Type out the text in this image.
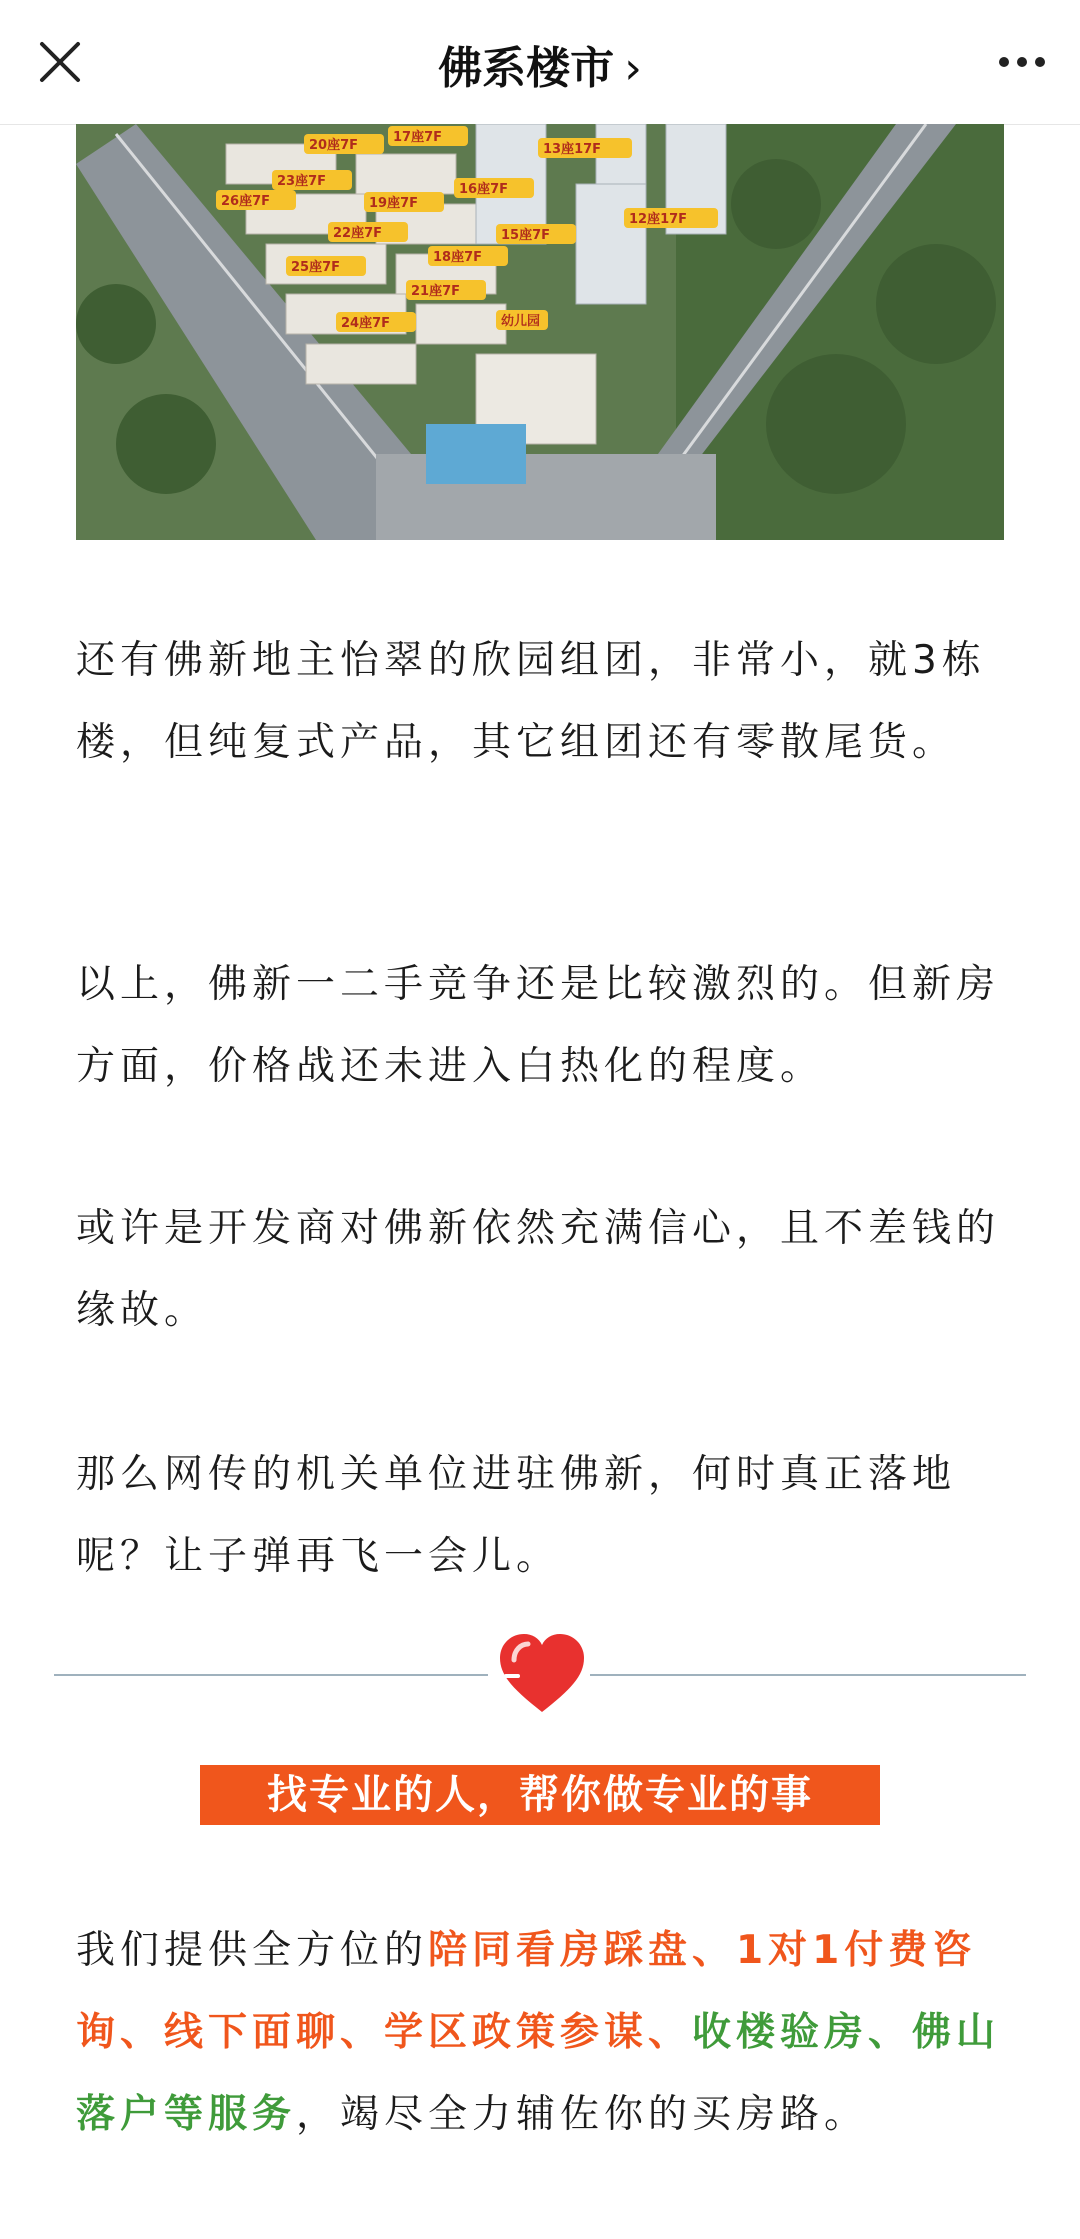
佛系楼市 ›
20座7F
17座7F
13座17F
23座7F
16座7F
26座7F	19座7F
22座7F	15座7F
12座17F
18座7F
25座7F
21座7F
24座7F	幼儿园

还有佛新地主怡翠的欣园组团，非常小，就3栋楼，但纯复式产品，其它组团还有零散尾货。

以上，佛新一二手竞争还是比较激烈的。但新房方面，价格战还未进入白热化的程度。

或许是开发商对佛新依然充满信心，且不差钱的缘故。

那么网传的机关单位进驻佛新，何时真正落地呢？让子弹再飞一会儿。

找专业的人，帮你做专业的事

我们提供全方位的陪同看房踩盘、1对1付费咨询、线下面聊、学区政策参谋、收楼验房、佛山落户等服务，竭尽全力辅佐你的买房路。
